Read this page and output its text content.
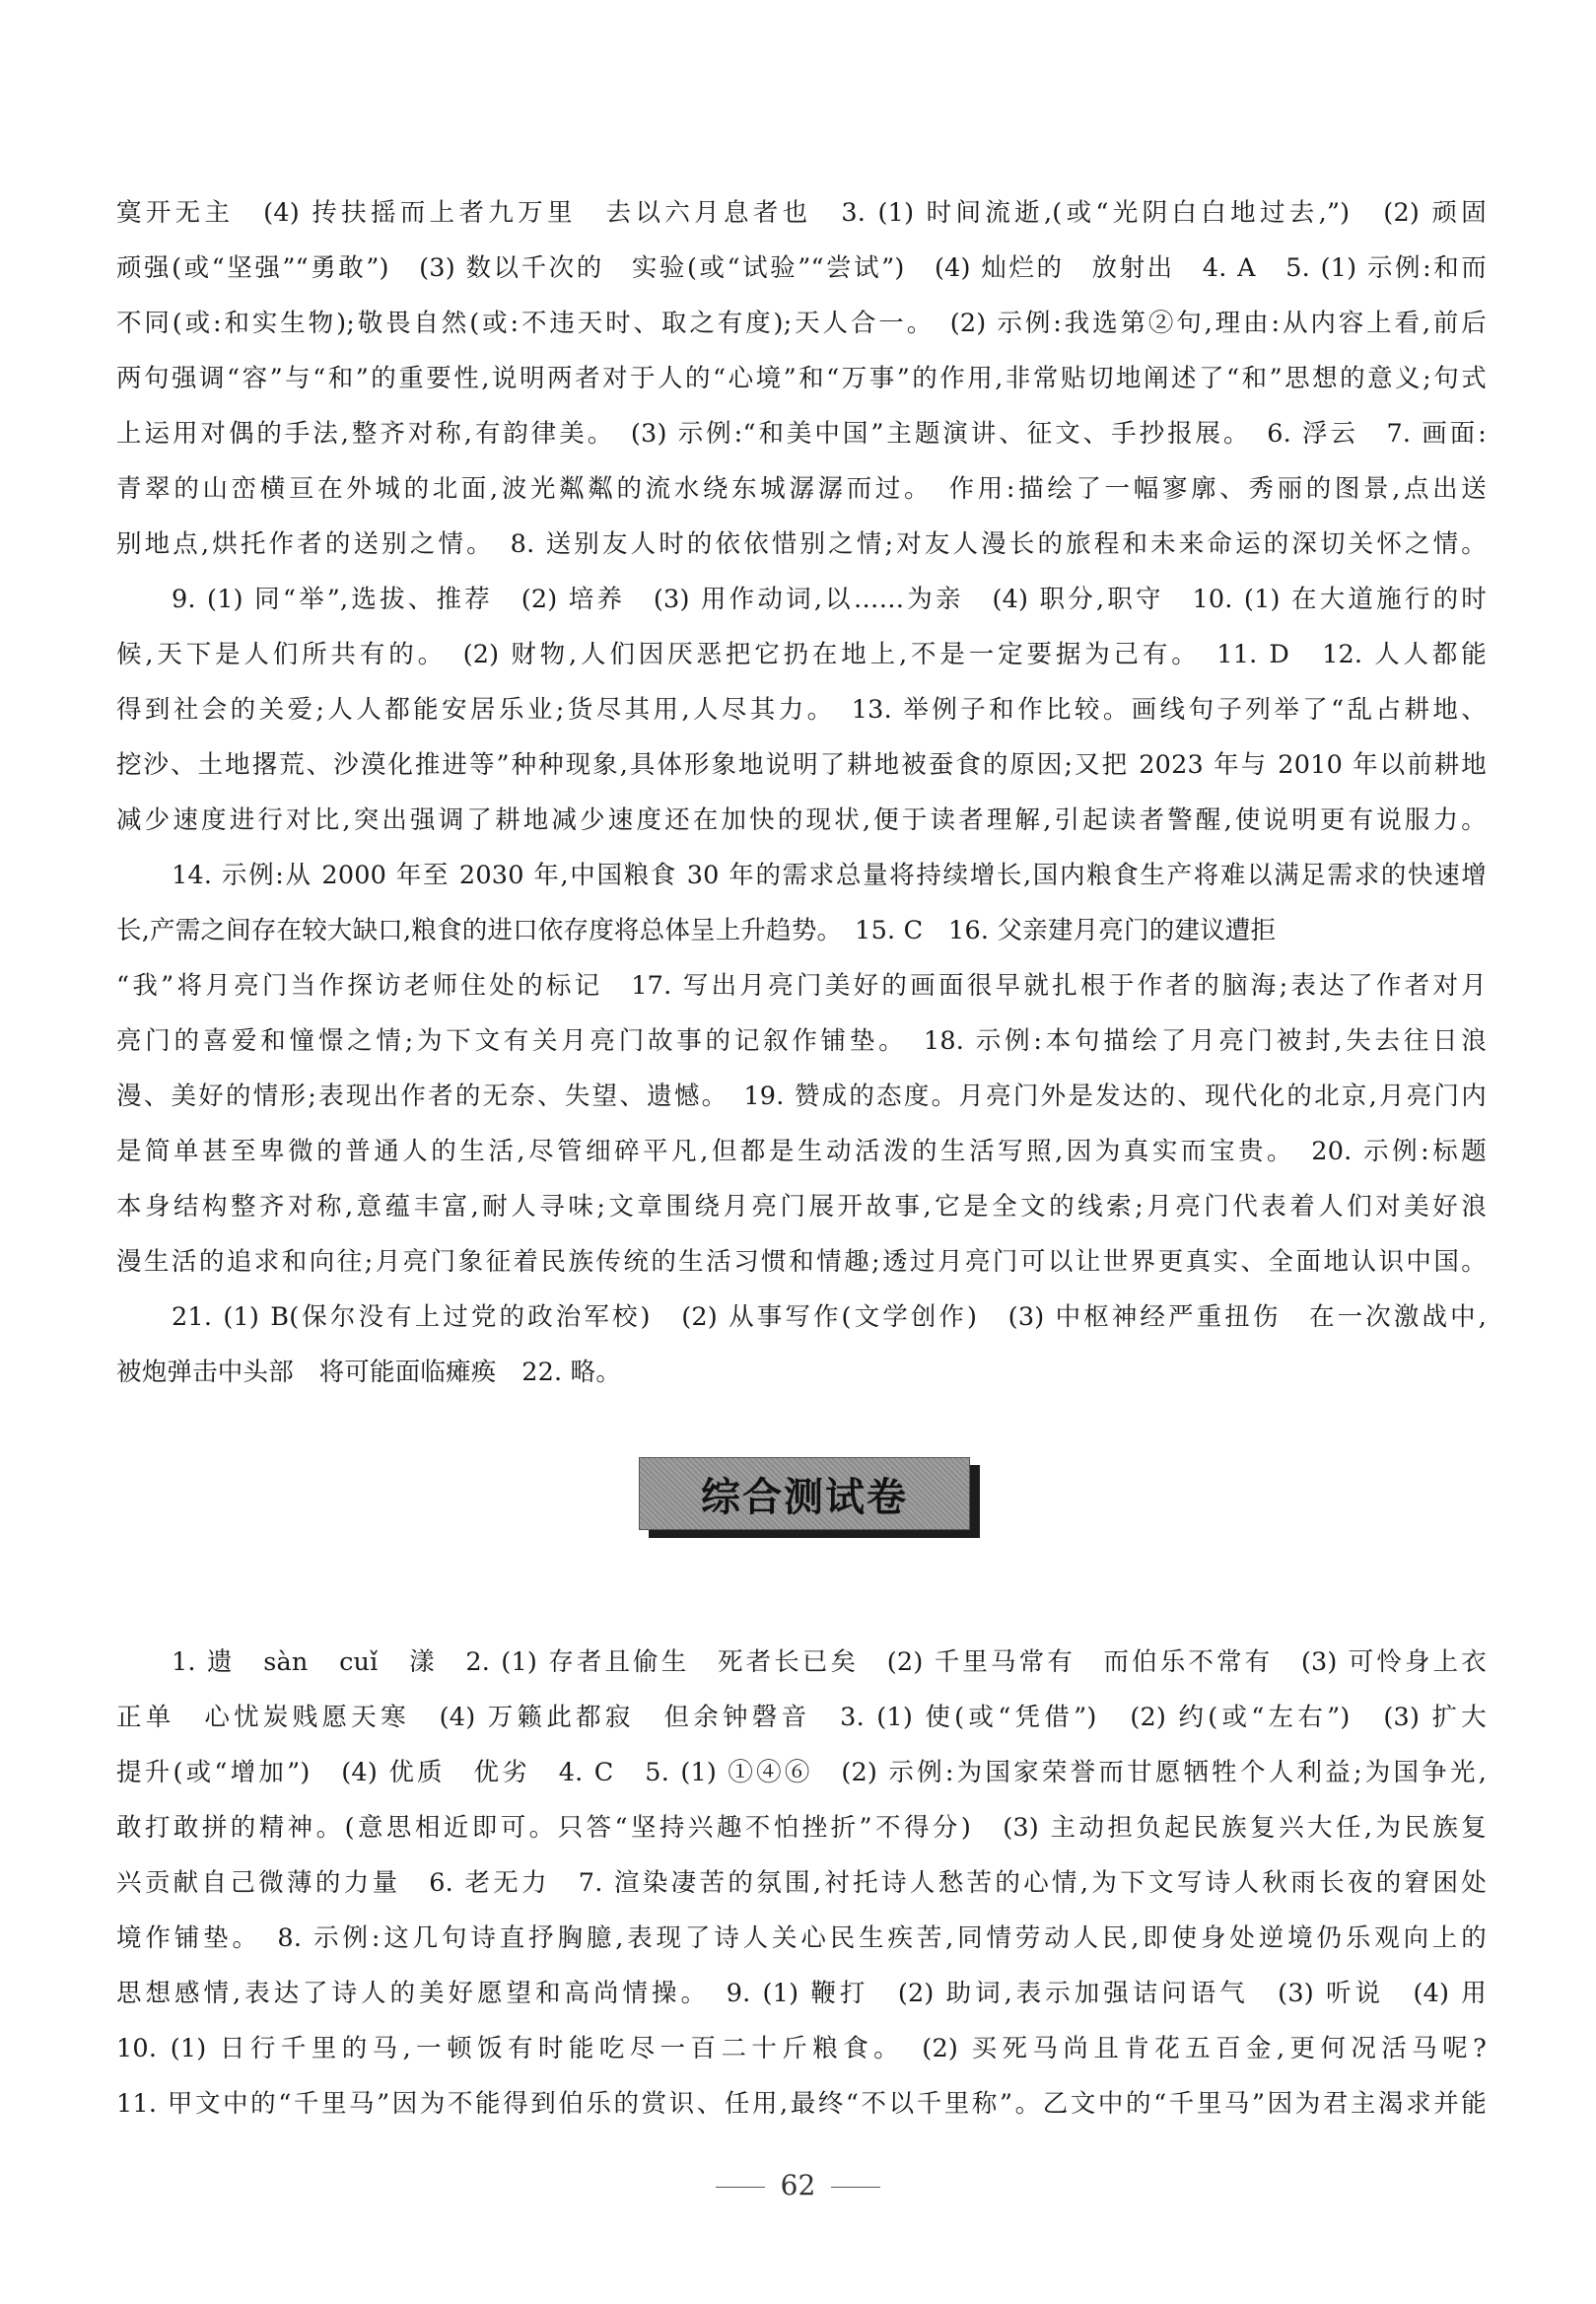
寞开无主　(4) 抟扶摇而上者九万里　去以六月息者也　3. (1) 时间流逝,(或“光阴白白地过去,”)　(2) 顽固
顽强(或“坚强”“勇敢”)　(3) 数以千次的　实验(或“试验”“尝试”)　(4) 灿烂的　放射出　4. A　5. (1) 示例:和而
不同(或:和实生物);敬畏自然(或:不违天时、取之有度);天人合一。　(2) 示例:我选第②句,理由:从内容上看,前后
两句强调“容”与“和”的重要性,说明两者对于人的“心境”和“万事”的作用,非常贴切地阐述了“和”思想的意义;句式
上运用对偶的手法,整齐对称,有韵律美。　(3) 示例:“和美中国”主题演讲、征文、手抄报展。　6. 浮云　7. 画面:
青翠的山峦横亘在外城的北面,波光粼粼的流水绕东城潺潺而过。　作用:描绘了一幅寥廓、秀丽的图景,点出送
别地点,烘托作者的送别之情。　8. 送别友人时的依依惜别之情;对友人漫长的旅程和未来命运的深切关怀之情。
9. (1) 同“举”,选拔、推荐　(2) 培养　(3) 用作动词,以……为亲　(4) 职分,职守　10. (1) 在大道施行的时
候,天下是人们所共有的。　(2) 财物,人们因厌恶把它扔在地上,不是一定要据为己有。　11. D　12. 人人都能
得到社会的关爱;人人都能安居乐业;货尽其用,人尽其力。　13. 举例子和作比较。画线句子列举了“乱占耕地、
挖沙、土地撂荒、沙漠化推进等”种种现象,具体形象地说明了耕地被蚕食的原因;又把 2023 年与 2010 年以前耕地
减少速度进行对比,突出强调了耕地减少速度还在加快的现状,便于读者理解,引起读者警醒,使说明更有说服力。
14. 示例:从 2000 年至 2030 年,中国粮食 30 年的需求总量将持续增长,国内粮食生产将难以满足需求的快速增
长,产需之间存在较大缺口,粮食的进口依存度将总体呈上升趋势。　15. C　16. 父亲建月亮门的建议遭拒
“我”将月亮门当作探访老师住处的标记　17. 写出月亮门美好的画面很早就扎根于作者的脑海;表达了作者对月
亮门的喜爱和憧憬之情;为下文有关月亮门故事的记叙作铺垫。　18. 示例:本句描绘了月亮门被封,失去往日浪
漫、美好的情形;表现出作者的无奈、失望、遗憾。　19. 赞成的态度。月亮门外是发达的、现代化的北京,月亮门内
是简单甚至卑微的普通人的生活,尽管细碎平凡,但都是生动活泼的生活写照,因为真实而宝贵。　20. 示例:标题
本身结构整齐对称,意蕴丰富,耐人寻味;文章围绕月亮门展开故事,它是全文的线索;月亮门代表着人们对美好浪
漫生活的追求和向往;月亮门象征着民族传统的生活习惯和情趣;透过月亮门可以让世界更真实、全面地认识中国。
21. (1) B(保尔没有上过党的政治军校)　(2) 从事写作(文学创作)　(3) 中枢神经严重扭伤　在一次激战中,
被炮弹击中头部　将可能面临瘫痪　22. 略。
综合测试卷
1. 遗　sàn　cuǐ　漾　2. (1) 存者且偷生　死者长已矣　(2) 千里马常有　而伯乐不常有　(3) 可怜身上衣
正单　心忧炭贱愿天寒　(4) 万籁此都寂　但余钟磬音　3. (1) 使(或“凭借”)　(2) 约(或“左右”)　(3) 扩大
提升(或“增加”)　(4) 优质　优劣　4. C　5. (1) ①④⑥　(2) 示例:为国家荣誉而甘愿牺牲个人利益;为国争光,
敢打敢拼的精神。(意思相近即可。只答“坚持兴趣不怕挫折”不得分)　(3) 主动担负起民族复兴大任,为民族复
兴贡献自己微薄的力量　6. 老无力　7. 渲染凄苦的氛围,衬托诗人愁苦的心情,为下文写诗人秋雨长夜的窘困处
境作铺垫。　8. 示例:这几句诗直抒胸臆,表现了诗人关心民生疾苦,同情劳动人民,即使身处逆境仍乐观向上的
思想感情,表达了诗人的美好愿望和高尚情操。　9. (1) 鞭打　(2) 助词,表示加强诘问语气　(3) 听说　(4) 用
10. (1) 日行千里的马,一顿饭有时能吃尽一百二十斤粮食。　(2) 买死马尚且肯花五百金,更何况活马呢?
11. 甲文中的“千里马”因为不能得到伯乐的赏识、任用,最终“不以千里称”。乙文中的“千里马”因为君主渴求并能
62
